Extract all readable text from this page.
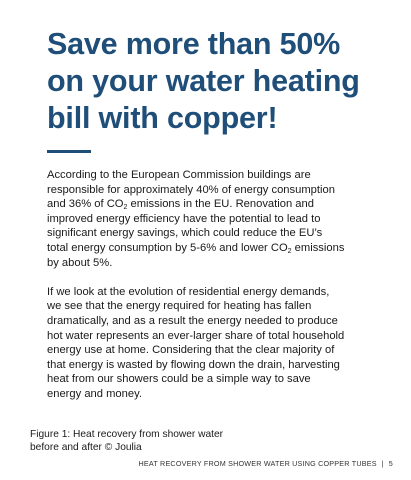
Save more than 50%
on your water heating
bill with copper!

According to the European Commission buildings are
responsible for approximately 40% of energy consumption
and 36% of $CO_2$ emissions in the EU. Renovation and
improved energy efficiency have the potential to lead to
significant energy savings, which could reduce the EU’s
total energy consumption by 5-6% and lower $CO_2$ emissions
by about 5%.

If we look at the evolution of residential energy demands,
we see that the energy required for heating has fallen
dramatically, and as a result the energy needed to produce
hot water represents an ever-larger share of total household
energy use at home. Considering that the clear majority of
that energy is wasted by flowing down the drain, harvesting
heat from our showers could be a simple way to save
energy and money.

Figure 1: Heat recovery from shower water
before and after © Joulia
HEAT RECOVERY FROM SHOWER WATER USING COPPER TUBES | 5
